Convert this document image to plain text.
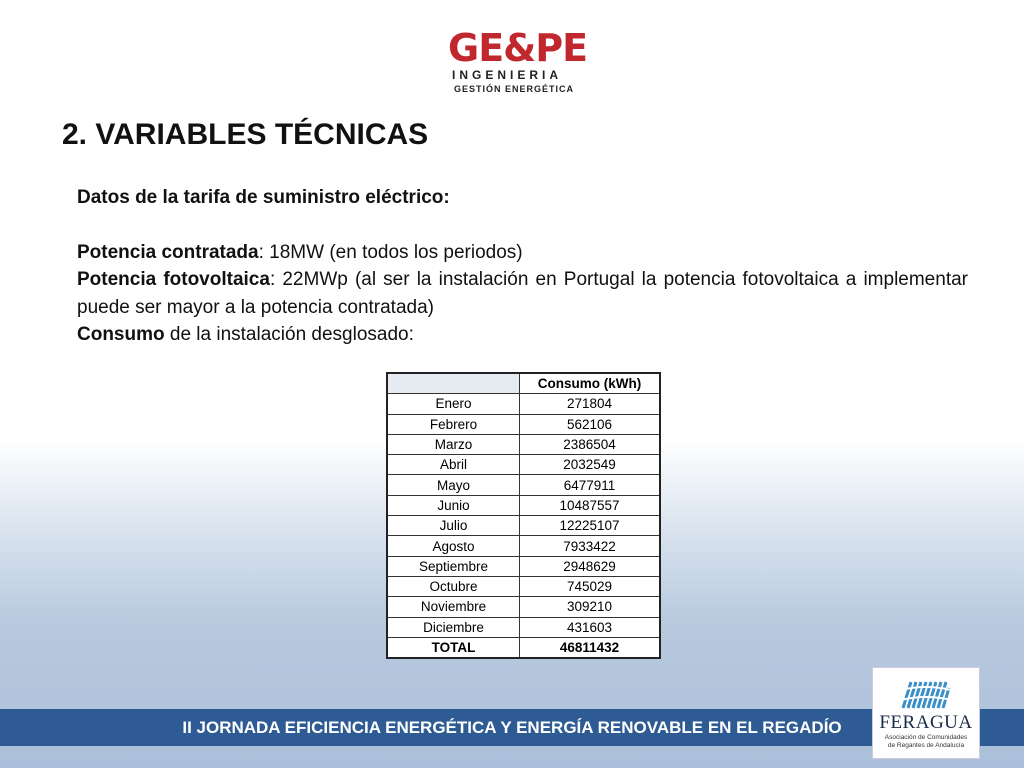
GE&PE
INGENIERIA
GESTIÓN ENERGÉTICA
2. VARIABLES TÉCNICAS

Datos de la tarifa de suministro eléctrico:

Potencia contratada: 18MW (en todos los periodos)

Potencia fotovoltaica: 22MWp (al ser la instalación en Portugal la potencia fotovoltaica a implementar puede ser mayor a la potencia contratada)

Consumo de la instalación desglosado:

	Consumo (kWh)
Enero	271804
Febrero	562106
Marzo	2386504
Abril	2032549
Mayo	6477911
Junio	10487557
Julio	12225107
Agosto	7933422
Septiembre	2948629
Octubre	745029
Noviembre	309210
Diciembre	431603
TOTAL	46811432
II JORNADA EFICIENCIA ENERGÉTICA Y ENERGÍA RENOVABLE EN EL REGADÍO	FERAGUA
Asociación de Comunidades
de Regantes de Andalucía
